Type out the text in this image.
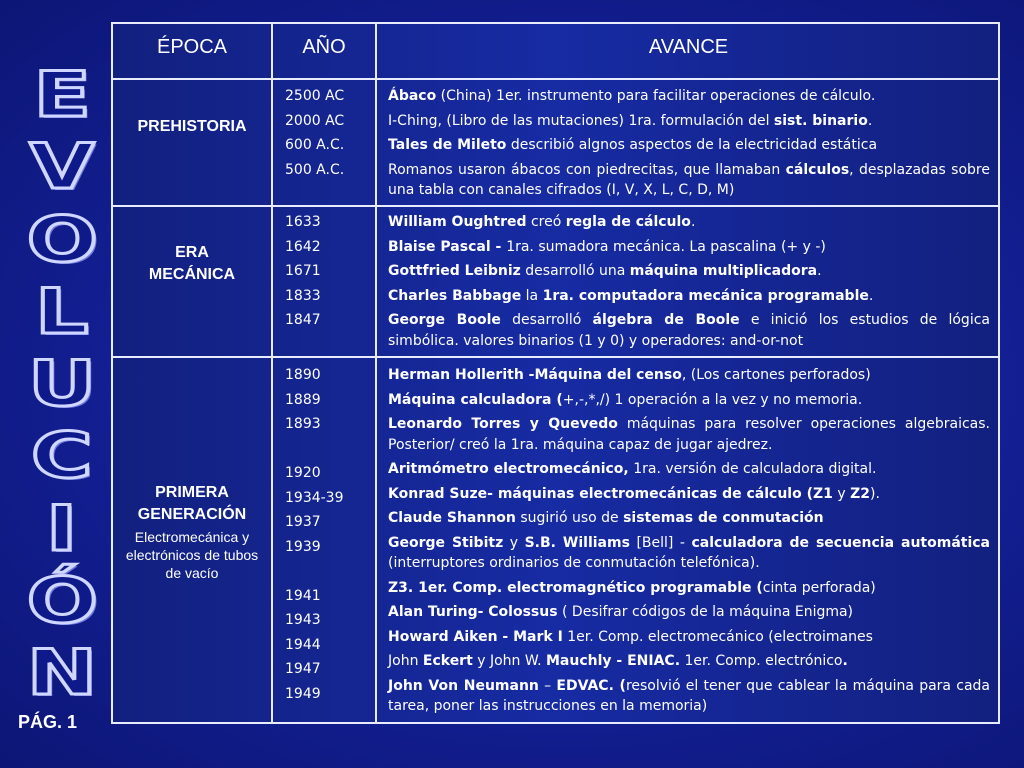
E
V
O
L
U
C
I
Ó
N
PÁG. 1
ÉPOCA	AÑO	AVANCE
PREHISTORIA
2500 AC
2000 AC
600 A.C.
500 A.C.
Ábaco (China) 1er. instrumento para facilitar operaciones de cálculo.
I-Ching, (Libro de las mutaciones) 1ra. formulación del sist. binario.
Tales de Mileto describió algnos aspectos de la electricidad estática
Romanos usaron ábacos con piedrecitas, que llamaban cálculos, desplazadas sobre una tabla con canales cifrados (I, V, X, L, C, D, M)
ERA MECÁNICA
1633
1642
1671
1833
1847
William Oughtred creó regla de cálculo.
Blaise Pascal - 1ra. sumadora mecánica. La pascalina (+ y -)
Gottfried Leibniz desarrolló una máquina multiplicadora.
Charles Babbage la 1ra. computadora mecánica programable.
George Boole desarrolló álgebra de Boole e inició los estudios de lógica simbólica. valores binarios (1 y 0) y operadores: and-or-not
PRIMERA GENERACIÓN
Electromecánica y electrónicos de tubos de vacío
1890
1889
1893
1920
1934-39
1937
1939
1941
1943
1944
1947
1949
Herman Hollerith -Máquina del censo, (Los cartones perforados)
Máquina calculadora (+,-,*,/) 1 operación a la vez y no memoria.
Leonardo Torres y Quevedo máquinas para resolver operaciones algebraicas. Posterior/ creó la 1ra. máquina capaz de jugar ajedrez.
Aritmómetro electromecánico, 1ra. versión de calculadora digital.
Konrad Suze- máquinas electromecánicas de cálculo (Z1 y Z2).
Claude Shannon sugirió uso de sistemas de conmutación
George Stibitz y S.B. Williams [Bell] - calculadora de secuencia automática (interruptores ordinarios de conmutación telefónica).
Z3. 1er. Comp. electromagnético programable (cinta perforada)
Alan Turing- Colossus ( Desifrar códigos de la máquina Enigma)
Howard Aiken - Mark I 1er. Comp. electromecánico (electroimanes
John Eckert y John W. Mauchly - ENIAC. 1er. Comp. electrónico.
John Von Neumann – EDVAC. (resolvió el tener que cablear la máquina para cada tarea, poner las instrucciones en la memoria)
